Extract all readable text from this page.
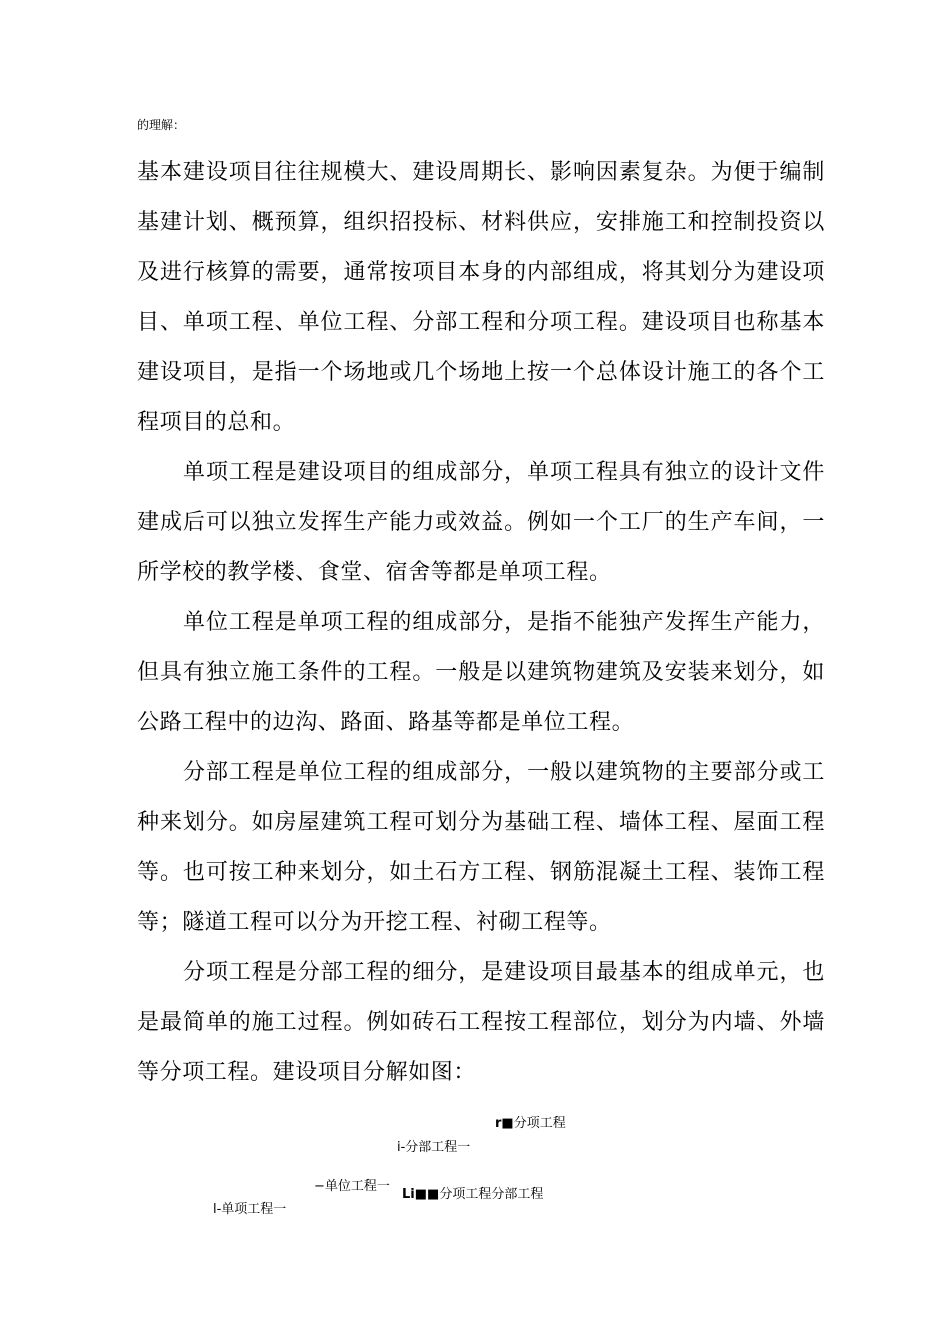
的理解：

基本建设项目往往规模大、建设周期长、影响因素复杂。为便于编制基建计划、概预算，组织招投标、材料供应，安排施工和控制投资以及进行核算的需要，通常按项目本身的内部组成，将其划分为建设项目、单项工程、单位工程、分部工程和分项工程。建设项目也称基本建设项目，是指一个场地或几个场地上按一个总体设计施工的各个工程项目的总和。

单项工程是建设项目的组成部分，单项工程具有独立的设计文件建成后可以独立发挥生产能力或效益。例如一个工厂的生产车间，一所学校的教学楼、食堂、宿舍等都是单项工程。

单位工程是单项工程的组成部分，是指不能独产发挥生产能力，但具有独立施工条件的工程。一般是以建筑物建筑及安装来划分，如公路工程中的边沟、路面、路基等都是单位工程。

分部工程是单位工程的组成部分，一般以建筑物的主要部分或工种来划分。如房屋建筑工程可划分为基础工程、墙体工程、屋面工程等。也可按工种来划分，如土石方工程、钢筋混凝土工程、装饰工程等；隧道工程可以分为开挖工程、衬砌工程等。

分项工程是分部工程的细分，是建设项目最基本的组成单元，也是最简单的施工过程。例如砖石工程按工程部位，划分为内墙、外墙等分项工程。建设项目分解如图：

r■分项工程
i-分部工程一
−单位工程一
Li■■分项工程分部工程
l-单项工程一
